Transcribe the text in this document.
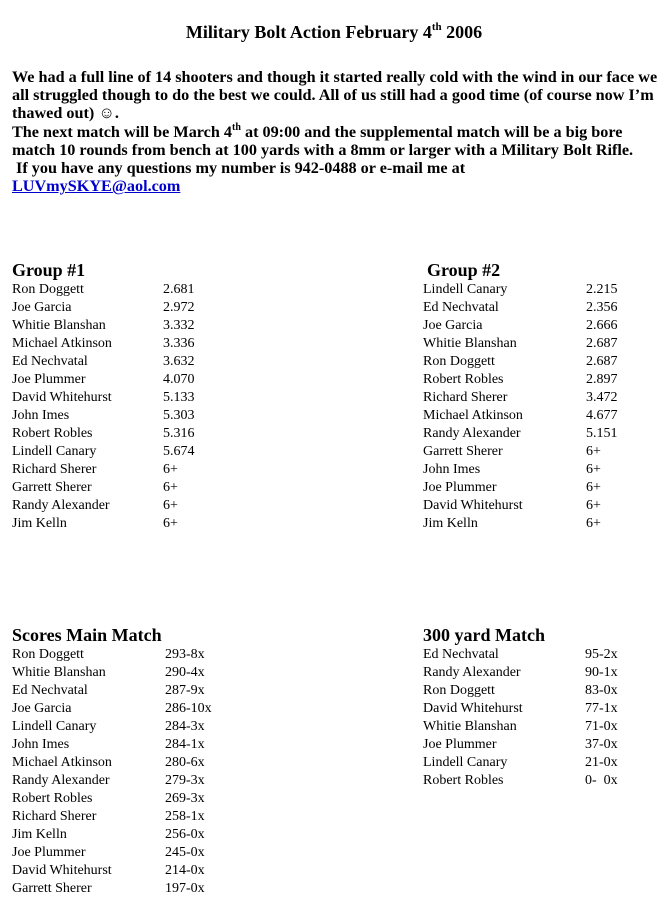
Military Bolt Action February 4th 2006

We had a full line of 14 shooters and though it started really cold with the wind in our face we all struggled though to do the best we could. All of us still had a good time (of course now I’m thawed out) ☺.

The next match will be March 4th at 09:00 and the supplemental match will be a big bore match 10 rounds from bench at 100 yards with a 8mm or larger with a Military Bolt Rifle.

If you have any questions my number is 942-0488 or e-mail me at

LUVmySKYE@aol.com

Group #1
Ron Doggett	2.681
Joe Garcia	2.972
Whitie Blanshan	3.332
Michael Atkinson	3.336
Ed Nechvatal	3.632
Joe Plummer	4.070
David Whitehurst	5.133
John Imes	5.303
Robert Robles	5.316
Lindell Canary	5.674
Richard Sherer	6+
Garrett Sherer	6+
Randy Alexander	6+
Jim Kelln	6+
Group #2
Lindell Canary	2.215
Ed Nechvatal	2.356
Joe Garcia	2.666
Whitie Blanshan	2.687
Ron Doggett	2.687
Robert Robles	2.897
Richard Sherer	3.472
Michael Atkinson	4.677
Randy Alexander	5.151
Garrett Sherer	6+
John Imes	6+
Joe Plummer	6+
David Whitehurst	6+
Jim Kelln	6+
Scores Main Match
Ron Doggett	293-8x
Whitie Blanshan	290-4x
Ed Nechvatal	287-9x
Joe Garcia	286-10x
Lindell Canary	284-3x
John Imes	284-1x
Michael Atkinson	280-6x
Randy Alexander	279-3x
Robert Robles	269-3x
Richard Sherer	258-1x
Jim Kelln	256-0x
Joe Plummer	245-0x
David Whitehurst	214-0x
Garrett Sherer	197-0x
300 yard Match
Ed Nechvatal	95-2x
Randy Alexander	90-1x
Ron Doggett	83-0x
David Whitehurst	77-1x
Whitie Blanshan	71-0x
Joe Plummer	37-0x
Lindell Canary	21-0x
Robert Robles	0-  0x
